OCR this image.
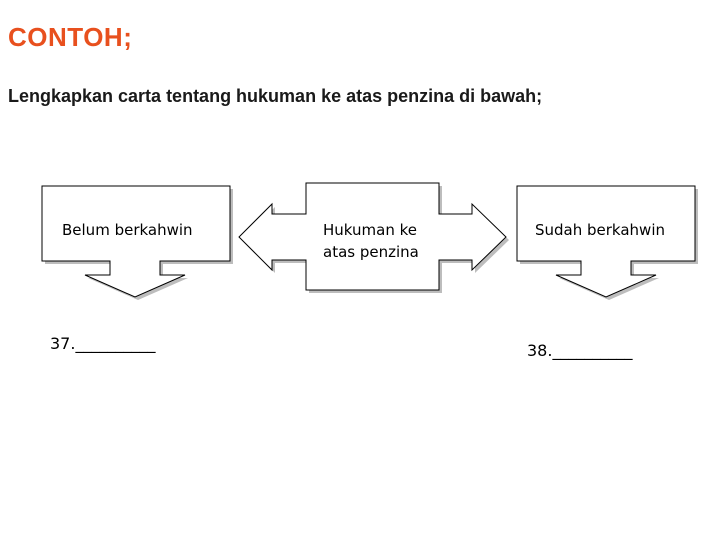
CONTOH;
Lengkapkan carta tentang hukuman ke atas penzina di bawah;
Belum berkahwin	Hukuman ke atas penzina
Sudah berkahwin
37.__________	38.__________
